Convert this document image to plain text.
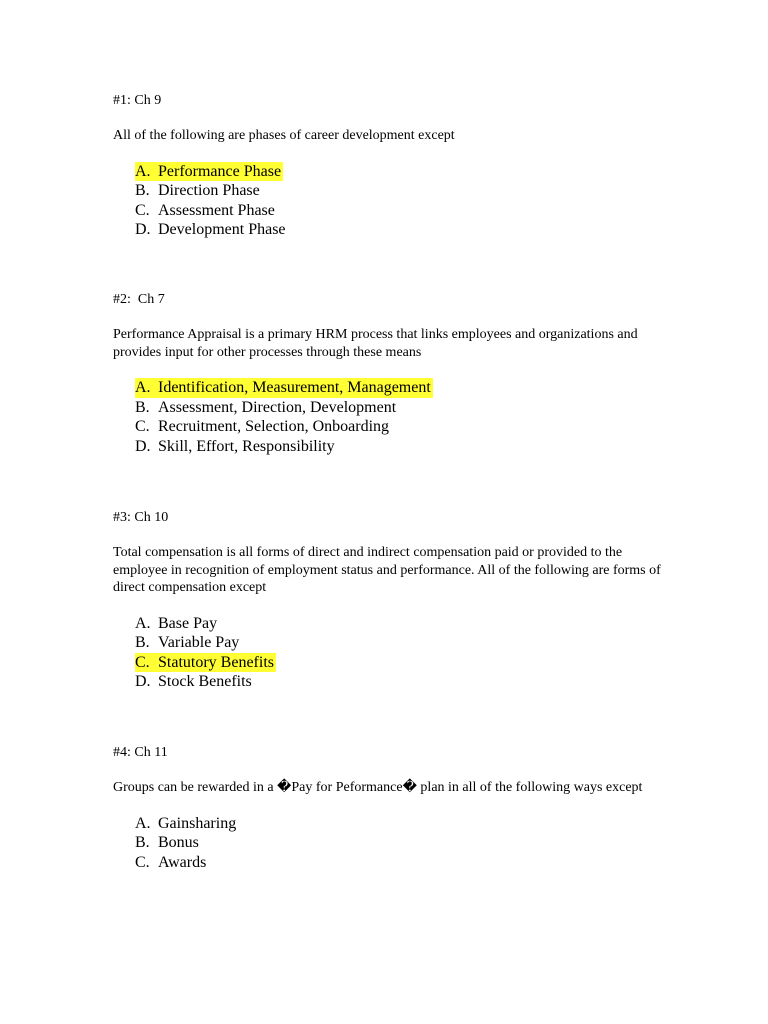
#1: Ch 9

All of the following are phases of career development except

A. Performance Phase
B. Direction Phase
C. Assessment Phase
D. Development Phase

#2:  Ch 7

Performance Appraisal is a primary HRM process that links employees and organizations and provides input for other processes through these means

A. Identification, Measurement, Management
B. Assessment, Direction, Development
C. Recruitment, Selection, Onboarding
D. Skill, Effort, Responsibility

#3: Ch 10

Total compensation is all forms of direct and indirect compensation paid or provided to the employee in recognition of employment status and performance. All of the following are forms of direct compensation except

A. Base Pay
B. Variable Pay
C. Statutory Benefits
D. Stock Benefits

#4: Ch 11

Groups can be rewarded in a �Pay for Peformance� plan in all of the following ways except

A. Gainsharing
B. Bonus
C. Awards
